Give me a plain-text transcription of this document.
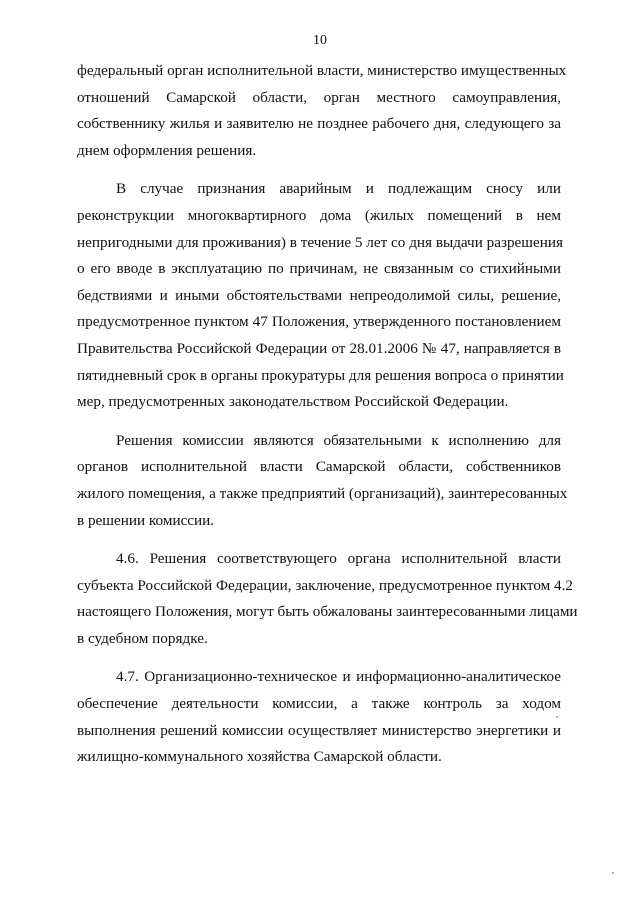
10
федеральный орган исполнительной власти, министерство имущественных
отношений Самарской области, орган местного самоуправления,
собственнику жилья и заявителю не позднее рабочего дня, следующего за
днем оформления решения.
В случае признания аварийным и подлежащим сносу или
реконструкции многоквартирного дома (жилых помещений в нем
непригодными для проживания) в течение 5 лет со дня выдачи разрешения
о его вводе в эксплуатацию по причинам, не связанным со стихийными
бедствиями и иными обстоятельствами непреодолимой силы, решение,
предусмотренное пунктом 47 Положения, утвержденного постановлением
Правительства Российской Федерации от 28.01.2006 № 47, направляется в
пятидневный срок в органы прокуратуры для решения вопроса о принятии
мер, предусмотренных законодательством Российской Федерации.
Решения комиссии являются обязательными к исполнению для
органов исполнительной власти Самарской области, собственников
жилого помещения, а также предприятий (организаций), заинтересованных
в решении комиссии.
4.6. Решения соответствующего органа исполнительной власти
субъекта Российской Федерации, заключение, предусмотренное пунктом 4.2
настоящего Положения, могут быть обжалованы заинтересованными лицами
в судебном порядке.
4.7. Организационно-техническое и информационно-аналитическое
обеспечение деятельности комиссии, а также контроль за ходом
выполнения решений комиссии осуществляет министерство энергетики и
жилищно-коммунального хозяйства Самарской области.
